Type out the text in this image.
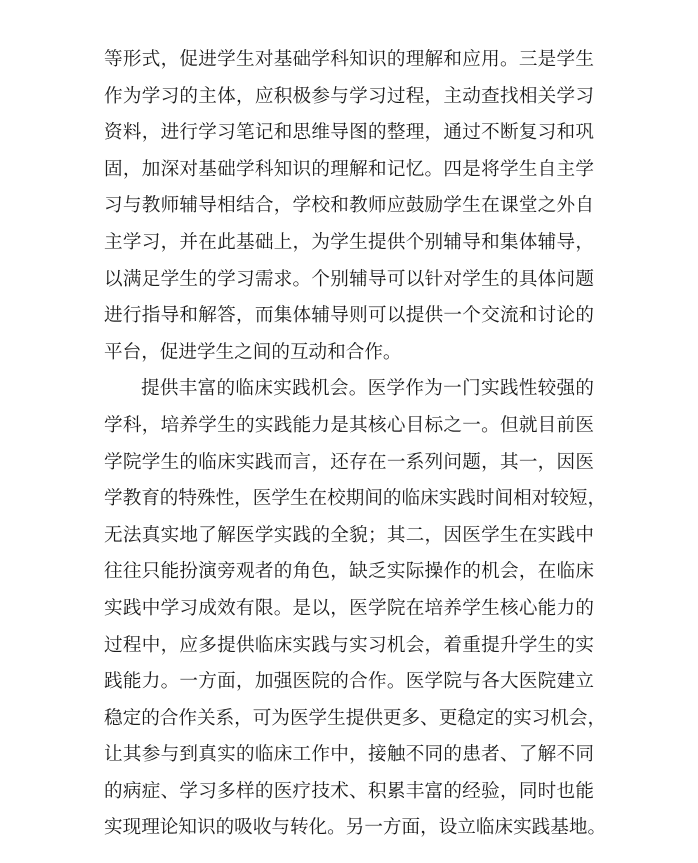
等形式，促进学生对基础学科知识的理解和应用。三是学生
作为学习的主体，应积极参与学习过程，主动查找相关学习
资料，进行学习笔记和思维导图的整理，通过不断复习和巩
固，加深对基础学科知识的理解和记忆。四是将学生自主学
习与教师辅导相结合，学校和教师应鼓励学生在课堂之外自
主学习，并在此基础上，为学生提供个别辅导和集体辅导，
以满足学生的学习需求。个别辅导可以针对学生的具体问题
进行指导和解答，而集体辅导则可以提供一个交流和讨论的
平台，促进学生之间的互动和合作。
提供丰富的临床实践机会。医学作为一门实践性较强的
学科，培养学生的实践能力是其核心目标之一。但就目前医
学院学生的临床实践而言，还存在一系列问题，其一，因医
学教育的特殊性，医学生在校期间的临床实践时间相对较短，
无法真实地了解医学实践的全貌；其二，因医学生在实践中
往往只能扮演旁观者的角色，缺乏实际操作的机会，在临床
实践中学习成效有限。是以，医学院在培养学生核心能力的
过程中，应多提供临床实践与实习机会，着重提升学生的实
践能力。一方面，加强医院的合作。医学院与各大医院建立
稳定的合作关系，可为医学生提供更多、更稳定的实习机会，
让其参与到真实的临床工作中，接触不同的患者、了解不同
的病症、学习多样的医疗技术、积累丰富的经验，同时也能
实现理论知识的吸收与转化。另一方面，设立临床实践基地。
